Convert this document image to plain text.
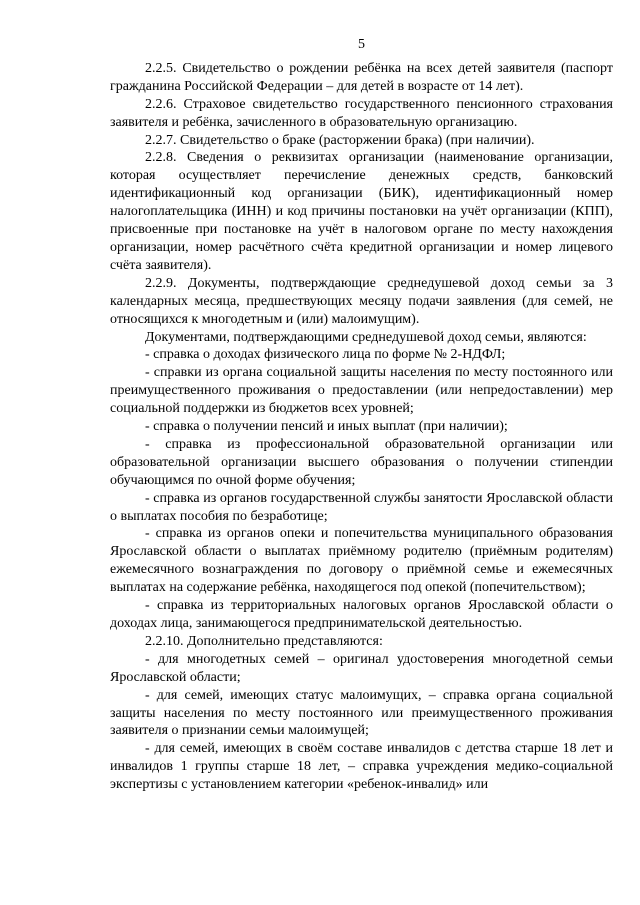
5

2.2.5. Свидетельство о рождении ребёнка на всех детей заявителя (паспорт гражданина Российской Федерации – для детей в возрасте от 14 лет).

2.2.6. Страховое свидетельство государственного пенсионного страхования заявителя и ребёнка, зачисленного в образовательную организацию.

2.2.7. Свидетельство о браке (расторжении брака) (при наличии).

2.2.8. Сведения о реквизитах организации (наименование организации, которая осуществляет перечисление денежных средств, банковский идентификационный код организации (БИК), идентификационный номер налогоплательщика (ИНН) и код причины постановки на учёт организации (КПП), присвоенные при постановке на учёт в налоговом органе по месту нахождения организации, номер расчётного счёта кредитной организации и номер лицевого счёта заявителя).

2.2.9. Документы, подтверждающие среднедушевой доход семьи за 3 календарных месяца, предшествующих месяцу подачи заявления (для семей, не относящихся к многодетным и (или) малоимущим).

Документами, подтверждающими среднедушевой доход семьи, являются:

- справка о доходах физического лица по форме № 2-НДФЛ;

- справки из органа социальной защиты населения по месту постоянного или преимущественного проживания о предоставлении (или непредоставлении) мер социальной поддержки из бюджетов всех уровней;

- справка о получении пенсий и иных выплат (при наличии);

- справка из профессиональной образовательной организации или образовательной организации высшего образования о получении стипендии обучающимся по очной форме обучения;

- справка из органов государственной службы занятости Ярославской области о выплатах пособия по безработице;

- справка из органов опеки и попечительства муниципального образования Ярославской области о выплатах приёмному родителю (приёмным родителям) ежемесячного вознаграждения по договору о приёмной семье и ежемесячных выплатах на содержание ребёнка, находящегося под опекой (попечительством);

- справка из территориальных налоговых органов Ярославской области о доходах лица, занимающегося предпринимательской деятельностью.

2.2.10. Дополнительно представляются:

- для многодетных семей – оригинал удостоверения многодетной семьи Ярославской области;

- для семей, имеющих статус малоимущих, – справка органа социальной защиты населения по месту постоянного или преимущественного проживания заявителя о признании семьи малоимущей;

- для семей, имеющих в своём составе инвалидов с детства старше 18 лет и инвалидов 1 группы старше 18 лет, – справка учреждения медико-социальной экспертизы с установлением категории «ребенок-инвалид» или
